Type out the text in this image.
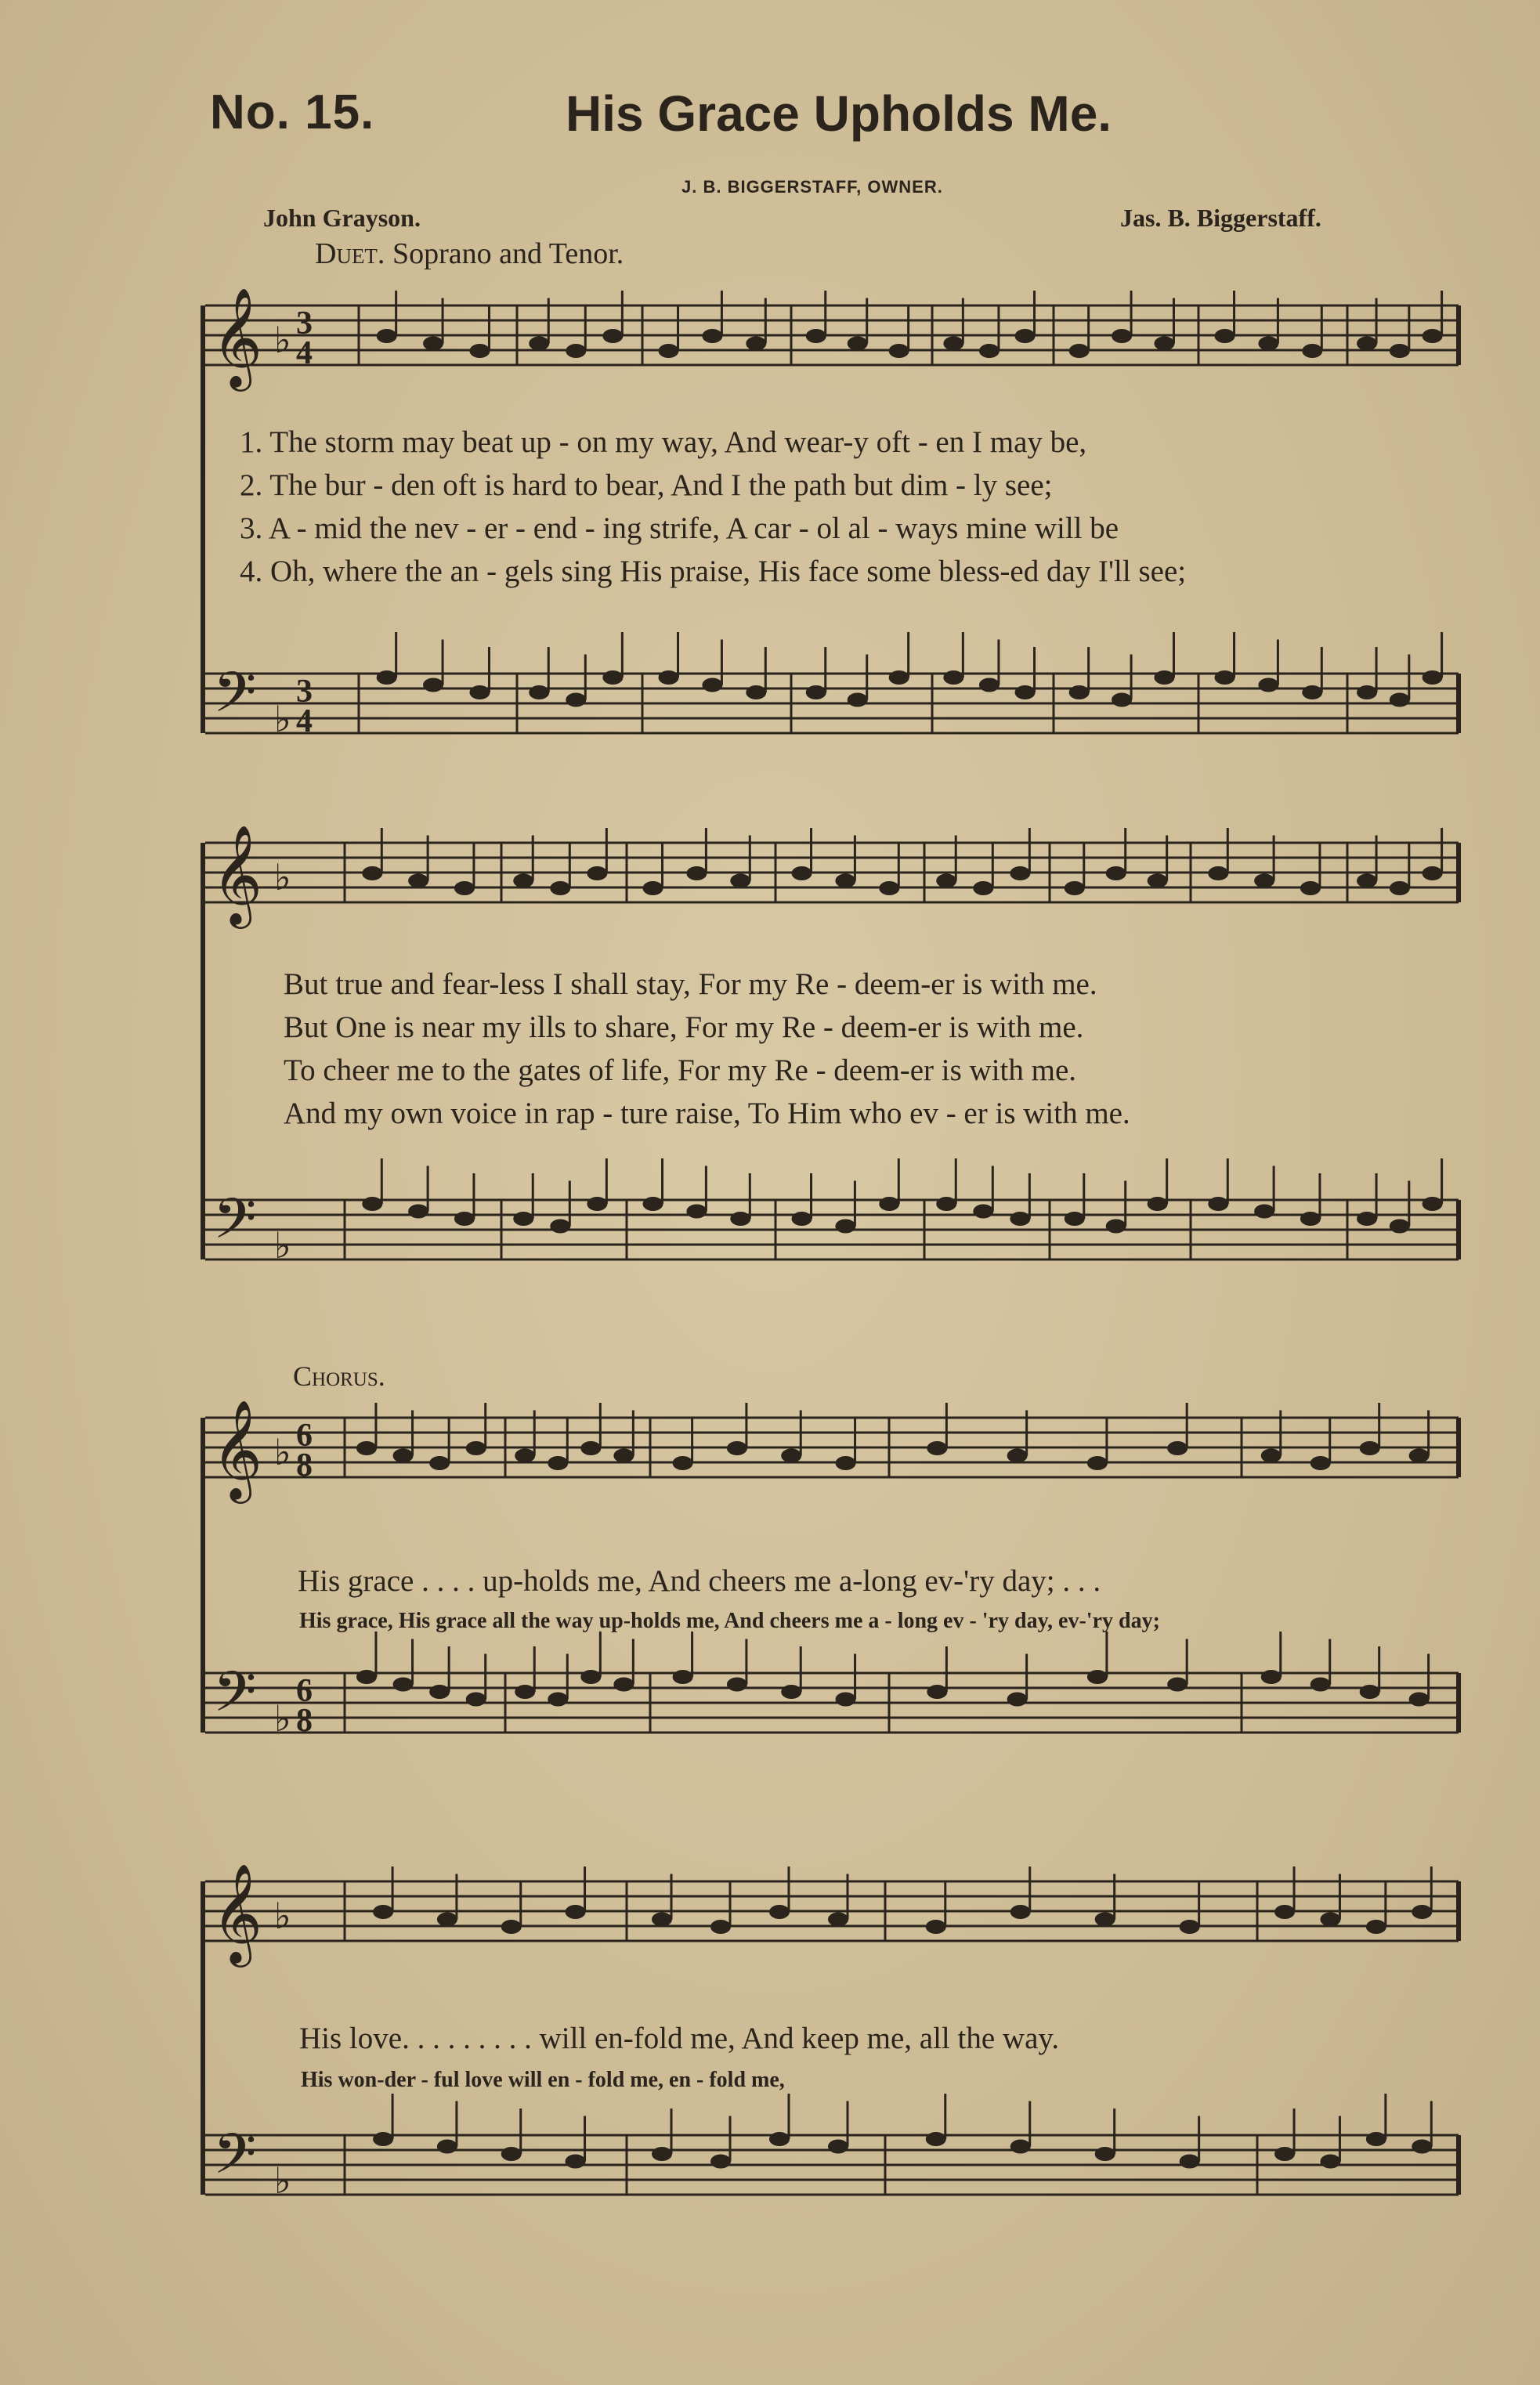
No. 15.	His Grace Upholds Me.
J. B. BIGGERSTAFF, OWNER.
John Grayson.	Jas. B. Biggerstaff.
Duet. Soprano and Tenor.
𝄞
𝄢
𝄞
𝄢
𝄞
𝄢
𝄞
𝄢
3
4
3
4
6
8
6
8
♭
♭
♭
♭
♭
♭
♭
♭
1. The storm may beat up - on my way, And wear-y oft - en I may be,
2. The bur - den oft is hard to bear, And I the path but dim - ly see;
3. A - mid the nev - er - end - ing strife, A car - ol al - ways mine will be
4. Oh, where the an - gels sing His praise, His face some bless-ed day I'll see;
But true and fear-less I shall stay, For my Re - deem-er is with me.
But One is near my ills to share, For my Re - deem-er is with me.
To cheer me to the gates of life, For my Re - deem-er is with me.
And my own voice in rap - ture raise, To Him who ev - er is with me.
Chorus.
His grace . . . . up-holds me, And cheers me a-long ev-'ry day; . . .
His grace, His grace all the way up-holds me, And cheers me a - long ev - 'ry day, ev-'ry day;
His love. . . . . . . . . will en-fold me, And keep me, all the way.
His won-der - ful love will en - fold me, en - fold me,
